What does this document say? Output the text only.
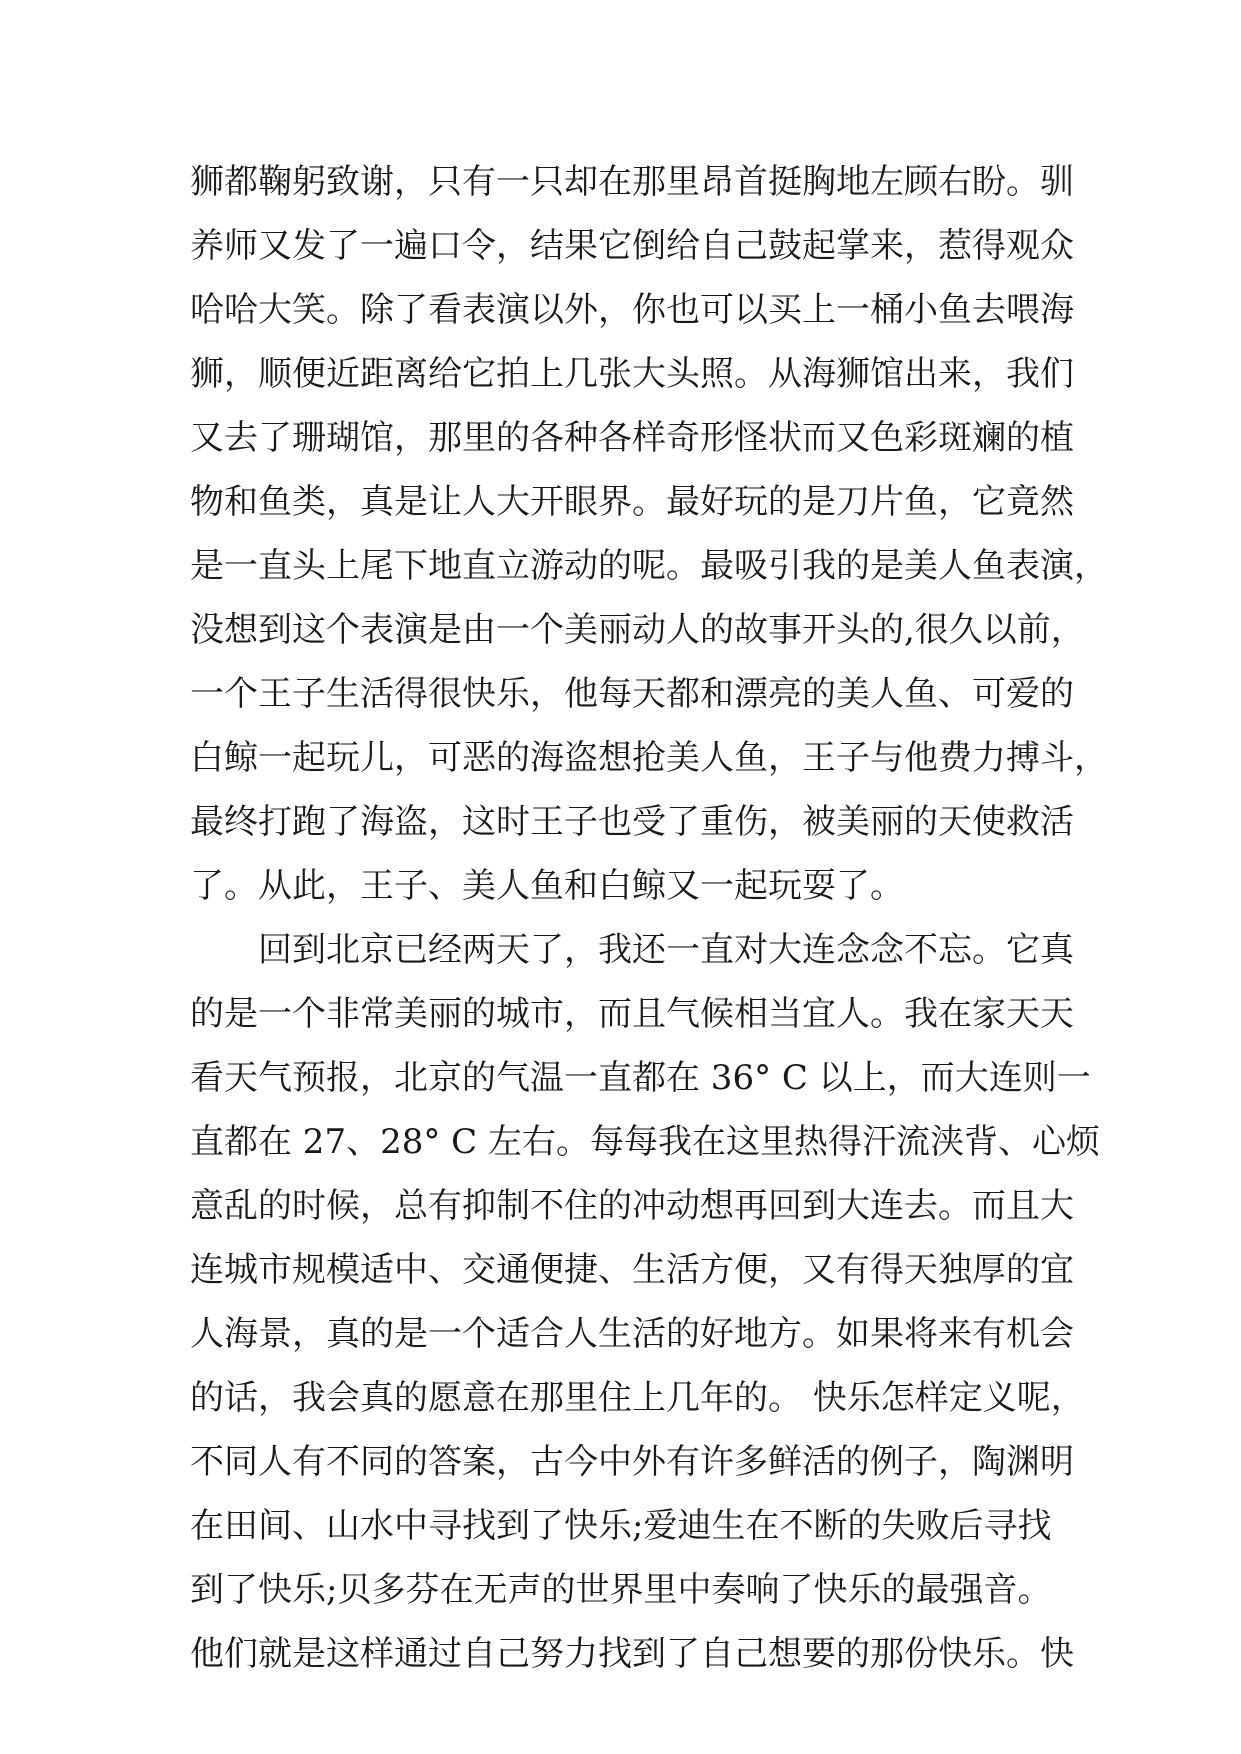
狮都鞠躬致谢，只有一只却在那里昂首挺胸地左顾右盼。驯
养师又发了一遍口令，结果它倒给自己鼓起掌来，惹得观众
哈哈大笑。除了看表演以外，你也可以买上一桶小鱼去喂海
狮，顺便近距离给它拍上几张大头照。从海狮馆出来，我们
又去了珊瑚馆，那里的各种各样奇形怪状而又色彩斑斓的植
物和鱼类，真是让人大开眼界。最好玩的是刀片鱼，它竟然
是一直头上尾下地直立游动的呢。最吸引我的是美人鱼表演，
没想到这个表演是由一个美丽动人的故事开头的,很久以前，
一个王子生活得很快乐，他每天都和漂亮的美人鱼、可爱的
白鲸一起玩儿，可恶的海盗想抢美人鱼，王子与他费力搏斗，
最终打跑了海盗，这时王子也受了重伤，被美丽的天使救活
了。从此，王子、美人鱼和白鲸又一起玩耍了。
回到北京已经两天了，我还一直对大连念念不忘。它真
的是一个非常美丽的城市，而且气候相当宜人。我在家天天
看天气预报，北京的气温一直都在 36° C 以上，而大连则一
直都在 27、28° C 左右。每每我在这里热得汗流浃背、心烦
意乱的时候，总有抑制不住的冲动想再回到大连去。而且大
连城市规模适中、交通便捷、生活方便，又有得天独厚的宜
人海景，真的是一个适合人生活的好地方。如果将来有机会
的话，我会真的愿意在那里住上几年的。 快乐怎样定义呢，
不同人有不同的答案，古今中外有许多鲜活的例子，陶渊明
在田间、山水中寻找到了快乐;爱迪生在不断的失败后寻找
到了快乐;贝多芬在无声的世界里中奏响了快乐的最强音。
他们就是这样通过自己努力找到了自己想要的那份快乐。快
